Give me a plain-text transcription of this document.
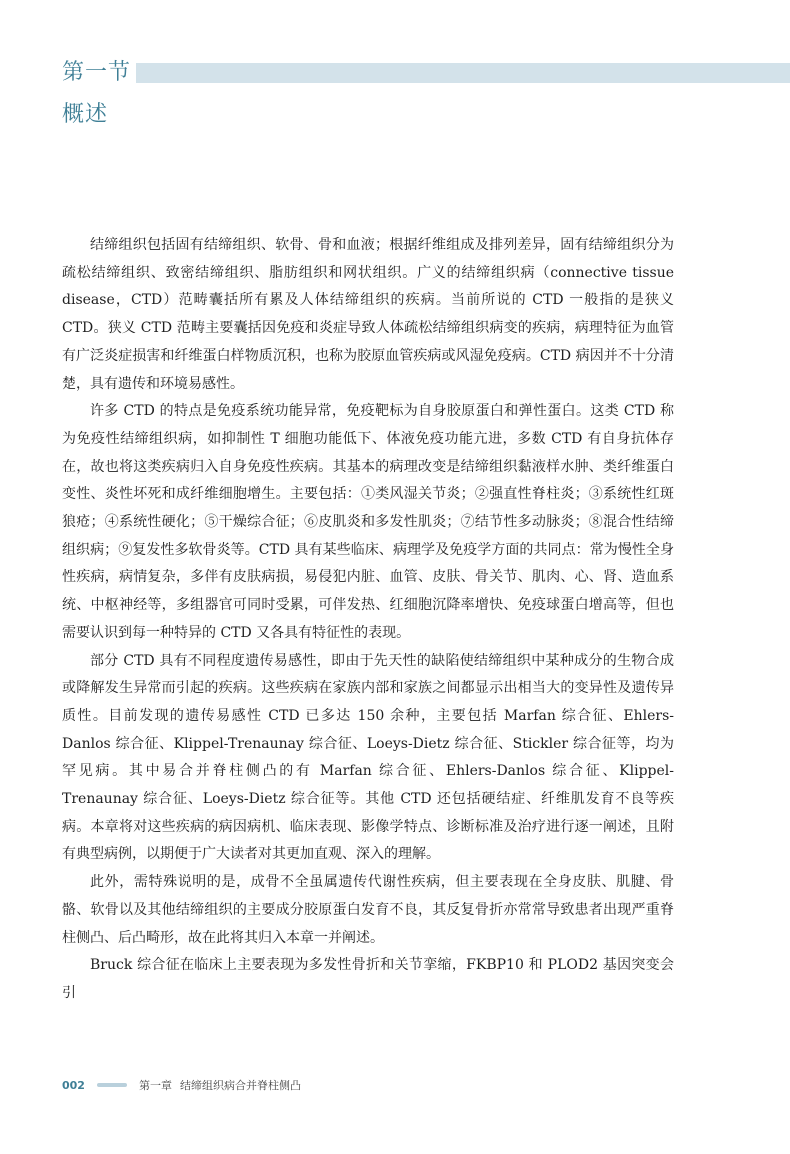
第一节
概述

结缔组织包括固有结缔组织、软骨、骨和血液；根据纤维组成及排列差异，固有结缔组织分为疏松结缔组织、致密结缔组织、脂肪组织和网状组织。广义的结缔组织病（connective tissue disease，CTD）范畴囊括所有累及人体结缔组织的疾病。当前所说的 CTD 一般指的是狭义 CTD。狭义 CTD 范畴主要囊括因免疫和炎症导致人体疏松结缔组织病变的疾病，病理特征为血管有广泛炎症损害和纤维蛋白样物质沉积，也称为胶原血管疾病或风湿免疫病。CTD 病因并不十分清楚，具有遗传和环境易感性。

许多 CTD 的特点是免疫系统功能异常，免疫靶标为自身胶原蛋白和弹性蛋白。这类 CTD 称为免疫性结缔组织病，如抑制性 T 细胞功能低下、体液免疫功能亢进，多数 CTD 有自身抗体存在，故也将这类疾病归入自身免疫性疾病。其基本的病理改变是结缔组织黏液样水肿、类纤维蛋白变性、炎性坏死和成纤维细胞增生。主要包括：①类风湿关节炎；②强直性脊柱炎；③系统性红斑狼疮；④系统性硬化；⑤干燥综合征；⑥皮肌炎和多发性肌炎；⑦结节性多动脉炎；⑧混合性结缔组织病；⑨复发性多软骨炎等。CTD 具有某些临床、病理学及免疫学方面的共同点：常为慢性全身性疾病，病情复杂，多伴有皮肤病损，易侵犯内脏、血管、皮肤、骨关节、肌肉、心、肾、造血系统、中枢神经等，多组器官可同时受累，可伴发热、红细胞沉降率增快、免疫球蛋白增高等，但也需要认识到每一种特异的 CTD 又各具有特征性的表现。

部分 CTD 具有不同程度遗传易感性，即由于先天性的缺陷使结缔组织中某种成分的生物合成或降解发生异常而引起的疾病。这些疾病在家族内部和家族之间都显示出相当大的变异性及遗传异质性。目前发现的遗传易感性 CTD 已多达 150 余种，主要包括 Marfan 综合征、Ehlers-Danlos 综合征、Klippel-Trenaunay 综合征、Loeys-Dietz 综合征、Stickler 综合征等，均为罕见病。其中易合并脊柱侧凸的有 Marfan 综合征、Ehlers-Danlos 综合征、Klippel-Trenaunay 综合征、Loeys-Dietz 综合征等。其他 CTD 还包括硬结症、纤维肌发育不良等疾病。本章将对这些疾病的病因病机、临床表现、影像学特点、诊断标准及治疗进行逐一阐述，且附有典型病例，以期便于广大读者对其更加直观、深入的理解。

此外，需特殊说明的是，成骨不全虽属遗传代谢性疾病，但主要表现在全身皮肤、肌腱、骨骼、软骨以及其他结缔组织的主要成分胶原蛋白发育不良，其反复骨折亦常常导致患者出现严重脊柱侧凸、后凸畸形，故在此将其归入本章一并阐述。

Bruck 综合征在临床上主要表现为多发性骨折和关节挛缩，FKBP10 和 PLOD2 基因突变会引

002	第一章 结缔组织病合并脊柱侧凸
